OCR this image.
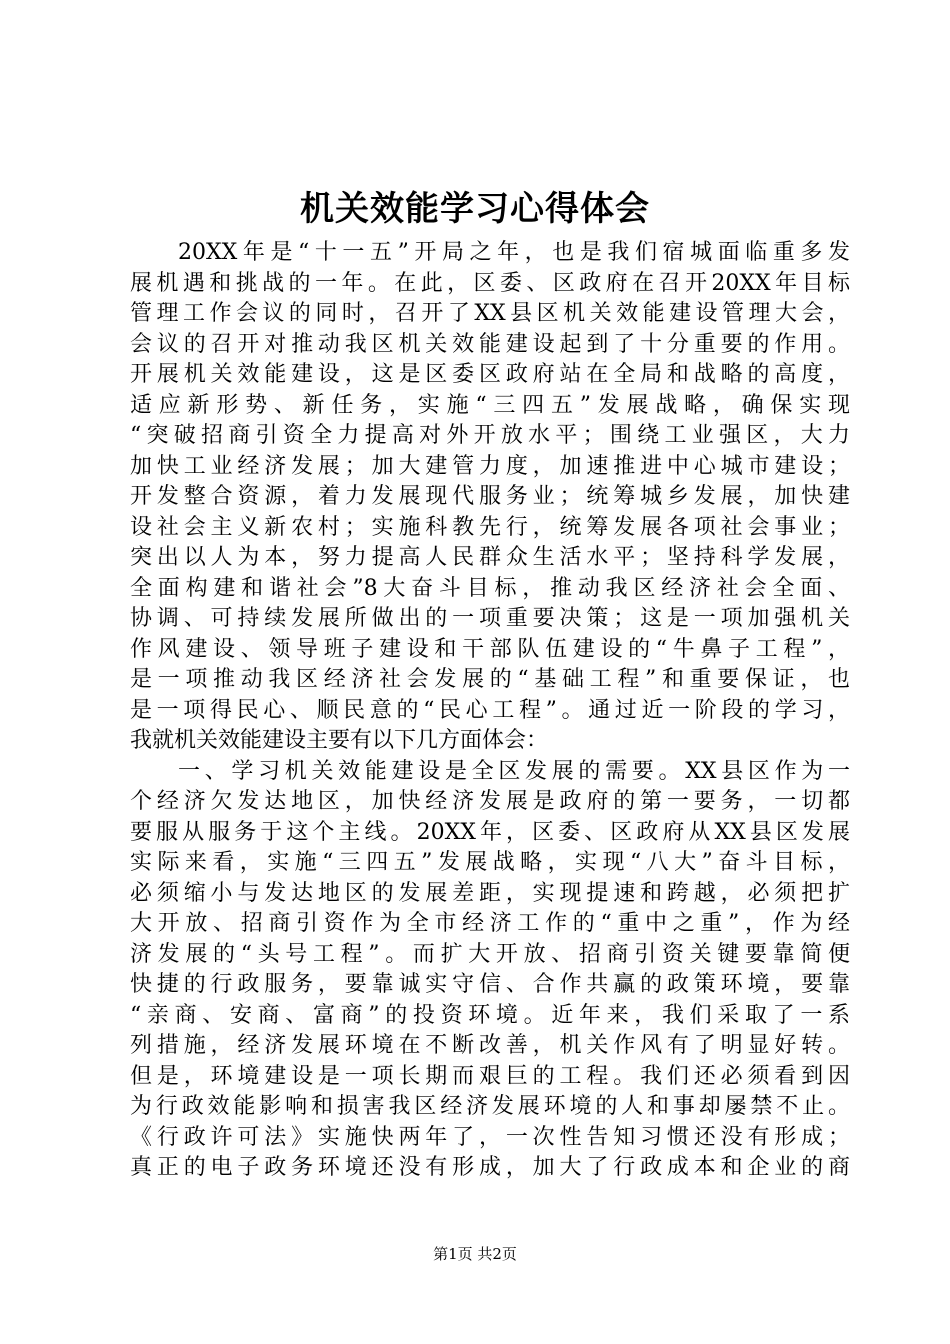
机关效能学习心得体会
20XX年是“十一五”开局之年，也是我们宿城面临重多发
展机遇和挑战的一年。在此，区委、区政府在召开20XX年目标
管理工作会议的同时，召开了XX县区机关效能建设管理大会，
会议的召开对推动我区机关效能建设起到了十分重要的作用。
开展机关效能建设，这是区委区政府站在全局和战略的高度，
适应新形势、新任务，实施“三四五”发展战略，确保实现
“突破招商引资全力提高对外开放水平；围绕工业强区，大力
加快工业经济发展；加大建管力度，加速推进中心城市建设；
开发整合资源，着力发展现代服务业；统筹城乡发展，加快建
设社会主义新农村；实施科教先行，统筹发展各项社会事业；
突出以人为本，努力提高人民群众生活水平；坚持科学发展，
全面构建和谐社会”8大奋斗目标，推动我区经济社会全面、
协调、可持续发展所做出的一项重要决策；这是一项加强机关
作风建设、领导班子建设和干部队伍建设的“牛鼻子工程”，
是一项推动我区经济社会发展的“基础工程”和重要保证，也
是一项得民心、顺民意的“民心工程”。通过近一阶段的学习，
我就机关效能建设主要有以下几方面体会：
一、学习机关效能建设是全区发展的需要。XX县区作为一
个经济欠发达地区，加快经济发展是政府的第一要务，一切都
要服从服务于这个主线。20XX年，区委、区政府从XX县区发展
实际来看，实施“三四五”发展战略，实现“八大”奋斗目标，
必须缩小与发达地区的发展差距，实现提速和跨越，必须把扩
大开放、招商引资作为全市经济工作的“重中之重”，作为经
济发展的“头号工程”。而扩大开放、招商引资关键要靠简便
快捷的行政服务，要靠诚实守信、合作共赢的政策环境，要靠
“亲商、安商、富商”的投资环境。近年来，我们采取了一系
列措施，经济发展环境在不断改善，机关作风有了明显好转。
但是，环境建设是一项长期而艰巨的工程。我们还必须看到因
为行政效能影响和损害我区经济发展环境的人和事却屡禁不止。
《行政许可法》实施快两年了，一次性告知习惯还没有形成；
真正的电子政务环境还没有形成，加大了行政成本和企业的商
第1页 共2页
